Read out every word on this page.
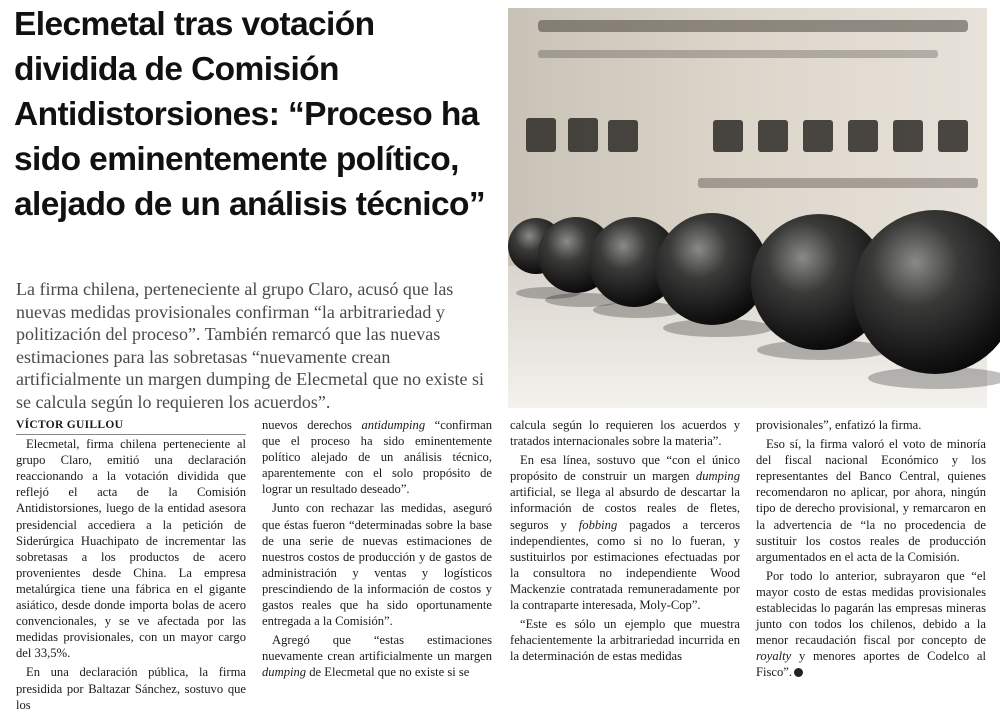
Elecmetal tras votación dividida de Comisión Antidistorsiones: “Proceso ha sido eminentemente político, alejado de un análisis técnico”

La firma chilena, perteneciente al grupo Claro, acusó que las nuevas medidas provisionales confirman “la arbitrariedad y politización del proceso”. También remarcó que las nuevas estimaciones para las sobretasas “nuevamente crean artificialmente un margen dumping de Elecmetal que no existe si se calcula según lo requieren los acuerdos”.

VÍCTOR GUILLOU

Elecmetal, firma chilena perteneciente al grupo Claro, emitió una declaración reaccionando a la votación dividida que reflejó el acta de la Comisión Antidistorsiones, luego de la entidad asesora presidencial accediera a la petición de Siderúrgica Huachipato de incrementar las sobretasas a los productos de acero provenientes desde China. La empresa metalúrgica tiene una fábrica en el gigante asiático, desde donde importa bolas de acero convencionales, y se ve afectada por las medidas provisionales, con un mayor cargo del 33,5%.

En una declaración pública, la firma presidida por Baltazar Sánchez, sostuvo que los

nuevos derechos antidumping “confirman que el proceso ha sido eminentemente político alejado de un análisis técnico, aparentemente con el solo propósito de lograr un resultado deseado”.

Junto con rechazar las medidas, aseguró que éstas fueron “determinadas sobre la base de una serie de nuevas estimaciones de nuestros costos de producción y de gastos de administración y ventas y logísticos prescindiendo de la información de costos y gastos reales que ha sido oportunamente entregada a la Comisión”.

Agregó que “estas estimaciones nuevamente crean artificialmente un margen dumping de Elecmetal que no existe si se

calcula según lo requieren los acuerdos y tratados internacionales sobre la materia”.

En esa línea, sostuvo que “con el único propósito de construir un margen dumping artificial, se llega al absurdo de descartar la información de costos reales de fletes, seguros y fobbing pagados a terceros independientes, como si no lo fueran, y sustituirlos por estimaciones efectuadas por la consultora no independiente Wood Mackenzie contratada remuneradamente por la contraparte interesada, Moly-Cop”.

“Este es sólo un ejemplo que muestra fehacientemente la arbitrariedad incurrida en la determinación de estas medidas

provisionales”, enfatizó la firma.

Eso sí, la firma valoró el voto de minoría del fiscal nacional Económico y los representantes del Banco Central, quienes recomendaron no aplicar, por ahora, ningún tipo de derecho provisional, y remarcaron en la advertencia de “la no procedencia de sustituir los costos reales de producción argumentados en el acta de la Comisión.

Por todo lo anterior, subrayaron que “el mayor costo de estas medidas provisionales establecidas lo pagarán las empresas mineras junto con todos los chilenos, debido a la menor recaudación fiscal por concepto de royalty y menores aportes de Codelco al Fisco”.
